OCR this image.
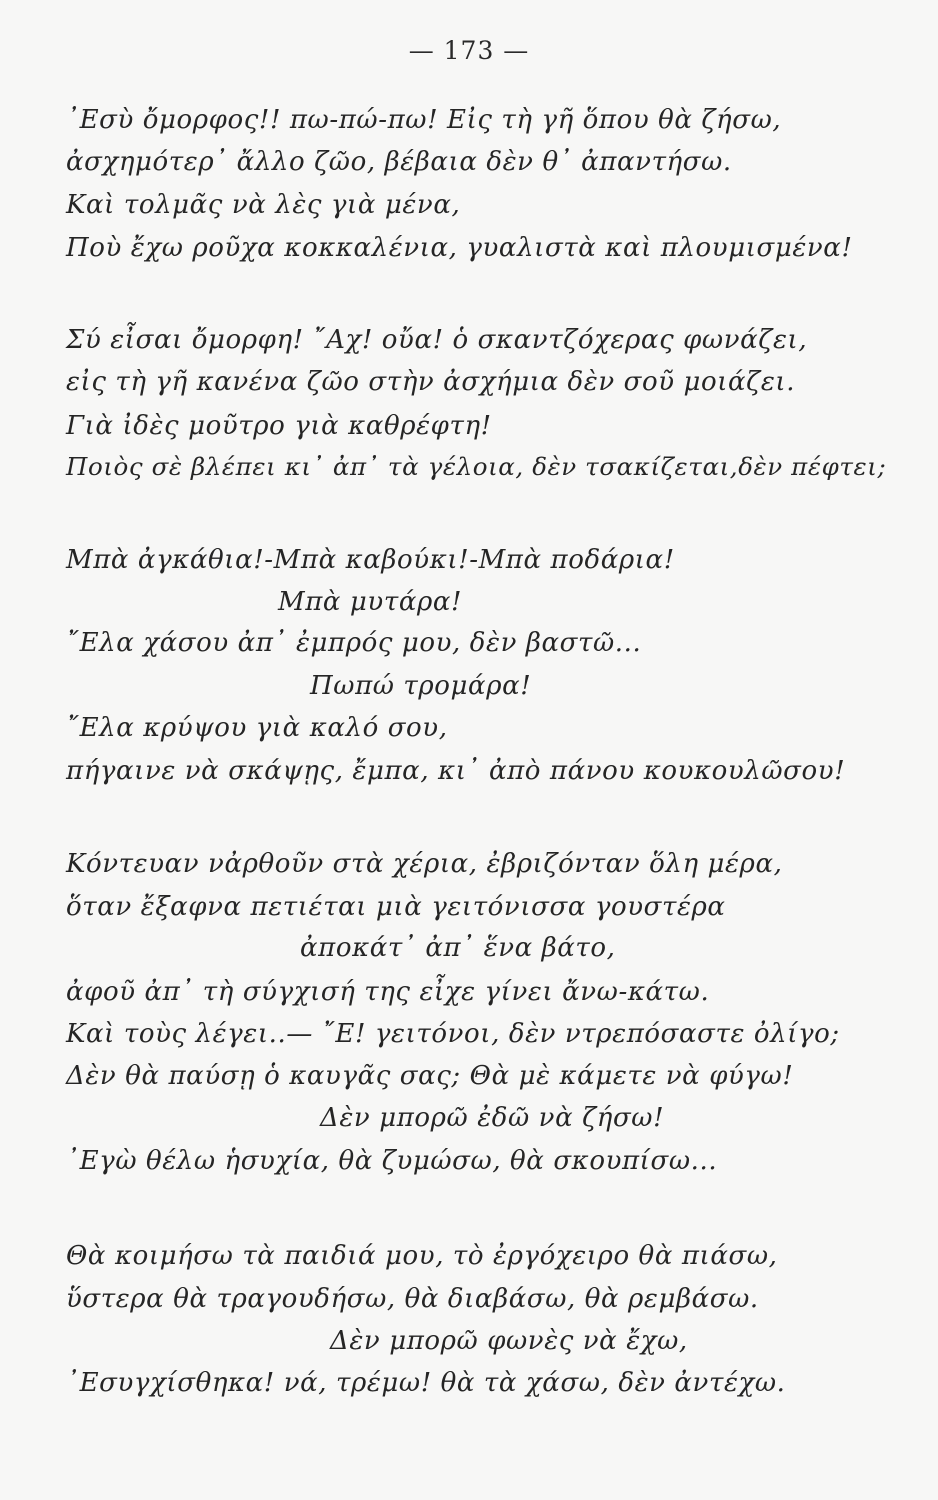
— 173 —
᾿Εσὺ ὄμορφος!! πω-πώ-πω! Εἰς τὴ γῆ ὅπου θὰ ζήσω,
ἀσχημότερ᾿ ἄλλο ζῶο, βέβαια δὲν θ᾿ ἀπαντήσω.
Καὶ τολμᾶς νὰ λὲς γιὰ μένα,
Ποὺ ἔχω ροῦχα κοκκαλένια, γυαλιστὰ καὶ πλουμισμένα!
Σύ εἶσαι ὄμορφη! ῎Αχ! οὔα! ὁ σκαντζόχερας φωνάζει,
εἰς τὴ γῆ κανένα ζῶο στὴν ἀσχήμια δὲν σοῦ μοιάζει.
Γιὰ ἰδὲς μοῦτρο γιὰ καθρέφτη!
Ποιὸς σὲ βλέπει κι᾿ ἀπ᾿ τὰ γέλοια, δὲν τσακίζεται,δὲν πέφτει;
Μπὰ ἀγκάθια!-Μπὰ καβούκι!-Μπὰ ποδάρια!
Μπὰ μυτάρα!
῎Ελα χάσου ἀπ᾿ ἐμπρός μου, δὲν βαστῶ...
Πωπώ τρομάρα!
῎Ελα κρύψου γιὰ καλό σου,
πήγαινε νὰ σκάψῃς, ἔμπα, κι᾿ ἀπὸ πάνου κουκουλῶσου!
Κόντευαν νἀρθοῦν στὰ χέρια, ἐβριζόνταν ὅλη μέρα,
ὅταν ἔξαφνα πετιέται μιὰ γειτόνισσα γουστέρα
ἀποκάτ᾿ ἀπ᾿ ἕνα βάτο,
ἀφοῦ ἀπ᾿ τὴ σύγχισή της εἶχε γίνει ἄνω-κάτω.
Καὶ τοὺς λέγει..— ῎Ε! γειτόνοι, δὲν ντρεπόσαστε ὀλίγο;
Δὲν θὰ παύσῃ ὁ καυγᾶς σας; Θὰ μὲ κάμετε νὰ φύγω!
Δὲν μπορῶ ἐδῶ νὰ ζήσω!
᾿Εγὼ θέλω ἡσυχία, θὰ ζυμώσω, θὰ σκουπίσω...
Θὰ κοιμήσω τὰ παιδιά μου, τὸ ἐργόχειρο θὰ πιάσω,
ὕστερα θὰ τραγουδήσω, θὰ διαβάσω, θὰ ρεμβάσω.
Δὲν μπορῶ φωνὲς νὰ ἔχω,
᾿Εσυγχίσθηκα! νά, τρέμω! θὰ τὰ χάσω, δὲν ἀντέχω.
